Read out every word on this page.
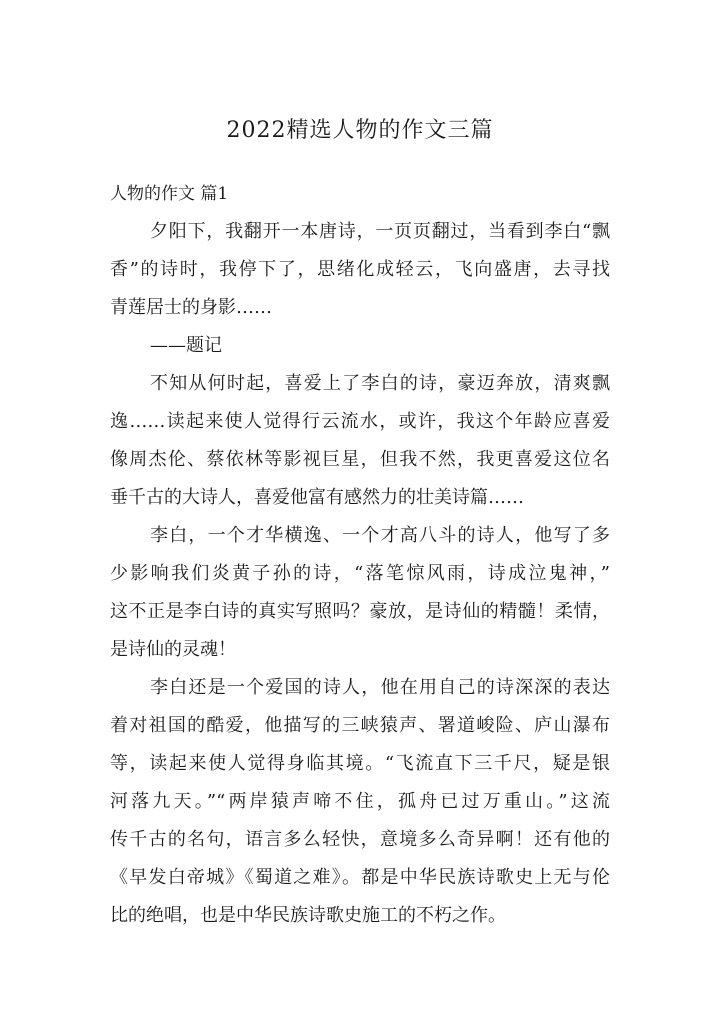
2022精选人物的作文三篇
人物的作文 篇1
夕阳下，我翻开一本唐诗，一页页翻过，当看到李白“飘
香”的诗时，我停下了，思绪化成轻云，飞向盛唐，去寻找
青莲居士的身影……
——题记
不知从何时起，喜爱上了李白的诗，豪迈奔放，清爽飘
逸……读起来使人觉得行云流水，或许，我这个年龄应喜爱
像周杰伦、蔡依林等影视巨星，但我不然，我更喜爱这位名
垂千古的大诗人，喜爱他富有感然力的壮美诗篇……
李白，一个才华横逸、一个才高八斗的诗人，他写了多
少影响我们炎黄子孙的诗，“落笔惊风雨，诗成泣鬼神，”
这不正是李白诗的真实写照吗？豪放，是诗仙的精髓！柔情，
是诗仙的灵魂！
李白还是一个爱国的诗人，他在用自己的诗深深的表达
着对祖国的酷爱，他描写的三峡猿声、署道峻险、庐山瀑布
等，读起来使人觉得身临其境。“飞流直下三千尺，疑是银
河落九天。”“两岸猿声啼不住，孤舟已过万重山。”这流
传千古的名句，语言多么轻快，意境多么奇异啊！还有他的
《早发白帝城》《蜀道之难》。都是中华民族诗歌史上无与伦
比的绝唱，也是中华民族诗歌史施工的不朽之作。
